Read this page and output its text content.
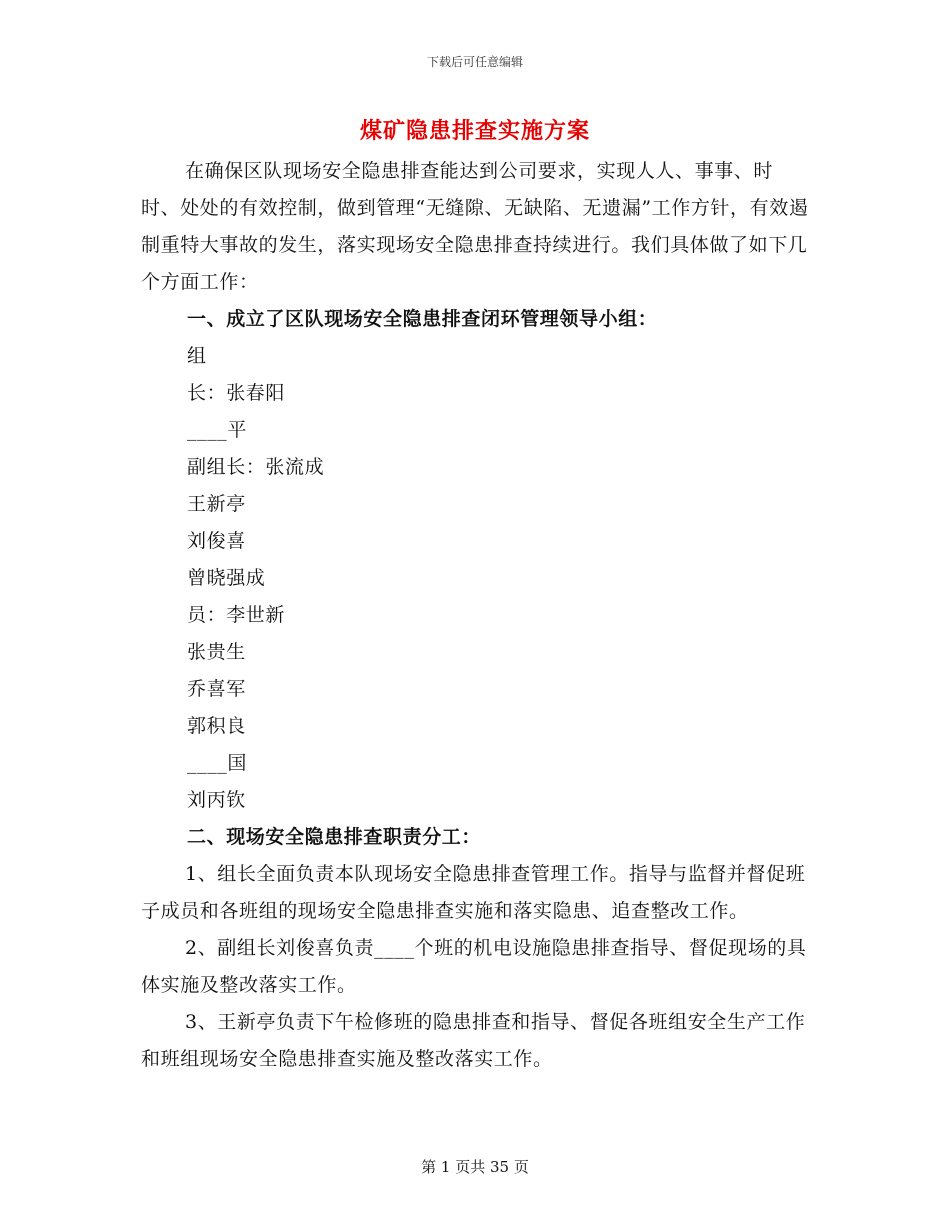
下载后可任意编辑
煤矿隐患排查实施方案

在确保区队现场安全隐患排查能达到公司要求，实现人人、事事、时时、处处的有效控制，做到管理“无缝隙、无缺陷、无遗漏”工作方针，有效遏制重特大事故的发生，落实现场安全隐患排查持续进行。我们具体做了如下几个方面工作：

一、成立了区队现场安全隐患排查闭环管理领导小组：

组

长：张春阳

____平

副组长：张流成

王新亭

刘俊喜

曾晓强成

员：李世新

张贵生

乔喜军

郭积良

____国

刘丙钦

二、现场安全隐患排查职责分工：

1、组长全面负责本队现场安全隐患排查管理工作。指导与监督并督促班子成员和各班组的现场安全隐患排查实施和落实隐患、追查整改工作。

2、副组长刘俊喜负责____个班的机电设施隐患排查指导、督促现场的具体实施及整改落实工作。

3、王新亭负责下午检修班的隐患排查和指导、督促各班组安全生产工作和班组现场安全隐患排查实施及整改落实工作。

第 1 页共 35 页
